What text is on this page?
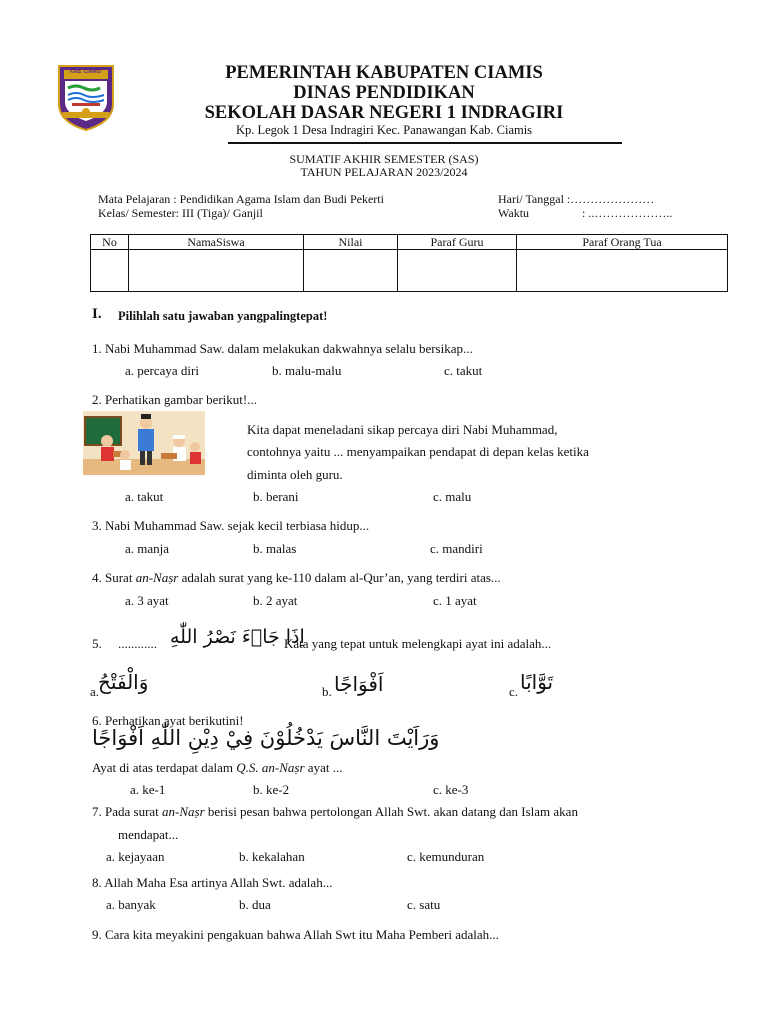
KAB. CIAMIS	PEMERINTAH KABUPATEN CIAMIS
DINAS PENDIDIKAN
SEKOLAH DASAR NEGERI 1 INDRAGIRI
Kp. Legok 1 Desa Indragiri Kec. Panawangan Kab. Ciamis
SUMATIF AKHIR SEMESTER (SAS)
TAHUN PELAJARAN 2023/2024
Mata Pelajaran : Pendidikan Agama Islam dan Budi Pekerti
Kelas/ Semester: III (Tiga)/ Ganjil
Hari/ Tanggal :…………………
Waktu	: ..………………..
No	NamaSiswa	Nilai	Paraf Guru	Paraf Orang Tua

I. Pilihlah satu jawaban yangpalingtepat!
1. Nabi Muhammad Saw. dalam melakukan dakwahnya selalu bersikap...
a. percaya diri	b. malu-malu	c. takut
2. Perhatikan gambar berikut!...
Kita dapat meneladani sikap percaya diri Nabi Muhammad,
contohnya yaitu ... menyampaikan pendapat di depan kelas ketika
diminta oleh guru.
a. takut	b. berani	c. malu
3. Nabi Muhammad Saw. sejak kecil terbiasa hidup...
a. manja	b. malas	c. mandiri
4. Surat an-Naṣr adalah surat yang ke-110 dalam al-Qur’an, yang terdiri atas...
a. 3 ayat	b. 2 ayat	c. 1 ayat
5. ............ اِذَا جَاۤءَ نَصْرُ اللّٰهِ
Kata yang tepat untuk melengkapi ayat ini adalah...
a.
وَالْفَتْحُ	b. اَفْوَاجًا	c. تَوَّابًا
6. Perhatikan ayat berikutini!
وَرَاَيْتَ النَّاسَ يَدْخُلُوْنَ فِيْ دِيْنِ اللّٰهِ اَفْوَاجًا
Ayat di atas terdapat dalam Q.S. an-Naṣr ayat ...
a. ke-1	b. ke-2	c. ke-3
7. Pada surat an-Naṣr berisi pesan bahwa pertolongan Allah Swt. akan datang dan Islam akan
mendapat...
a. kejayaan	b. kekalahan	c. kemunduran
8. Allah Maha Esa artinya Allah Swt. adalah...
a. banyak	b. dua	c. satu
9. Cara kita meyakini pengakuan bahwa Allah Swt itu Maha Pemberi adalah...
